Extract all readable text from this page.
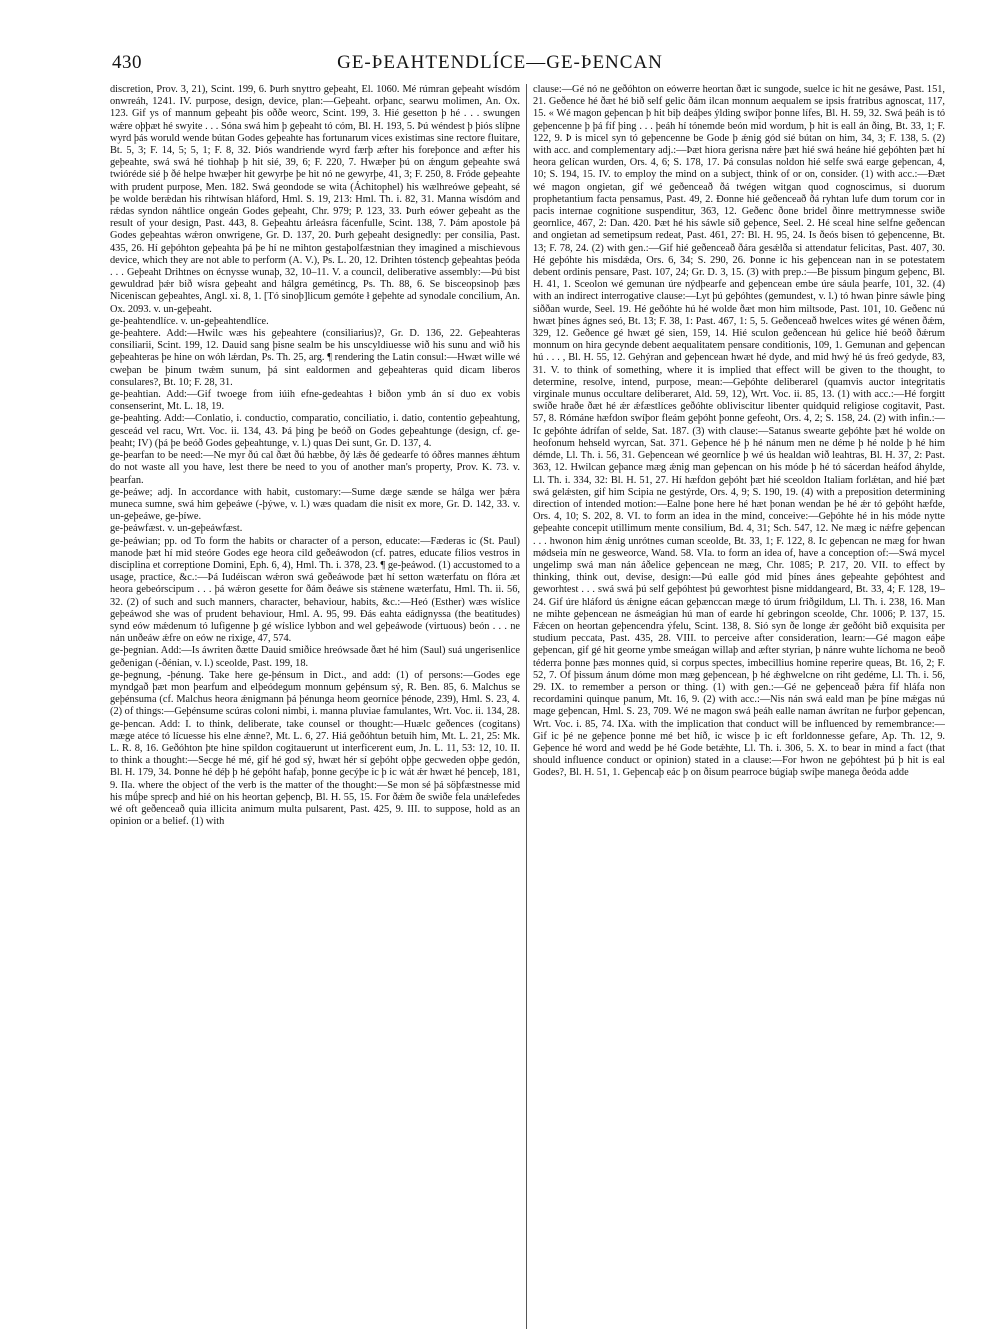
430	GE-ÞEAHTENDLÍCE—GE-ÞENCAN

discretion, Prov. 3, 21), Scint. 199, 6. Þurh snyttro geþeaht, El. 1060. Mé rúmran geþeaht wísdóm onwreáh, 1241. IV. purpose, design, device, plan:—Geþeaht. orþanc, searwu molimen, An. Ox. 123. Gif ys of mannum geþeaht þis oððe weorc, Scint. 199, 3. Hié gesetton þ hé . . . swungen wǽre oþþæt hé swyite . . . Sóna swá him þ geþeaht tó cóm, Bl. H. 193, 5. Þú wéndest þ þiós slíþne wyrd þás woruld wende bútan Godes geþeahte has fortunarum vices existimas sine rectore fluitare, Bt. 5, 3; F. 14, 5; 5, 1; F. 8, 32. Þiós wandriende wyrd færþ æfter his foreþonce and æfter his geþeahte, swá swá hé tiohhaþ þ hit sié, 39, 6; F. 220, 7. Hwæþer þú on ǽngum geþeahte swá twióréde sié þ ðé helpe hwæþer hit gewyrþe þe hit nó ne gewyrþe, 41, 3; F. 250, 8. Fróde geþeahte with prudent purpose, Men. 182. Swá geondode se wita (Áchitophel) his wælhreówe geþeaht, sé þe wolde berǽdan his rihtwísan hláford, Hml. S. 19, 213: Hml. Th. i. 82, 31. Manna wísdóm and rǽdas syndon náhtlice ongeán Godes geþeaht, Chr. 979; P. 123, 33. Þurh eówer geþeaht as the result of your design, Past. 443, 8. Geþeahtu árleásra fácenfulle, Scint. 138, 7. Þám apostole þá Godes geþeahtas wǽron onwrigene, Gr. D. 137, 20. Þurh geþeaht designedly: per consilia, Past. 435, 26. Hí geþóhton geþeahta þá þe hí ne mihton gestaþolfæstnian they imagined a mischievous device, which they are not able to perform (A. V.), Ps. L. 20, 12. Drihten tóstencþ geþeahtas þeóda . . . Geþeaht Drihtnes on écnysse wunaþ, 32, 10–11. V. a council, deliberative assembly:—Þú bist gewuldrad þǽr bið wísra geþeaht and hálgra gemétincg, Ps. Th. 88, 6. Se bisceopsinoþ þæs Niceniscan geþeahtes, Angl. xi. 8, 1. [Tó sinoþ]licum gemóte ł geþehte ad synodale concilium, An. Ox. 2093. v. un-geþeaht.

ge-þeahtendlíce. v. un-geþeahtendlíce.

ge-þeahtere. Add:—Hwilc wæs his geþeahtere (consiliarius)?, Gr. D. 136, 22. Geþeahteras consiliarii, Scint. 199, 12. Dauid sang þisne sealm be his unscyldiuesse wið his sunu and wið his geþeahteras þe hine on wóh lǽrdan, Ps. Th. 25, arg. ¶ rendering the Latin consul:—Hwæt wille wé cweþan be þinum twǽm sunum, þá sint ealdormen and geþeahteras quid dicam liberos consulares?, Bt. 10; F. 28, 31.

ge-þeahtian. Add:—Gif twoege from iúih efne-gedeahtas ł biðon ymb án sí duo ex vobis consenserint, Mt. L. 18, 19.

ge-þeahting. Add:—Conlatio, i. conductio, comparatio, conciliatio, i. datio, contentio geþeahtung, gesceád vel racu, Wrt. Voc. ii. 134, 43. Þá þing þe beóð on Godes geþeahtunge (design, cf. ge-þeaht; IV) (þá þe beóð Godes geþeahtunge, v. l.) quas Dei sunt, Gr. D. 137, 4.

ge-þearfan to be need:—Ne myr ðú cal ðæt ðú hæbbe, ðý lǽs ðé gedearfe tó óðres mannes ǽhtum do not waste all you have, lest there be need to you of another man's property, Prov. K. 73. v. þearfan.

ge-þeáwe; adj. In accordance with habit, customary:—Sume dæge sænde se hálga wer þǽra muneca sumne, swá him geþeáwe (-þýwe, v. l.) wæs quadam die nisit ex more, Gr. D. 142, 33. v. un-geþeáwe, ge-þíwe.

ge-þeáwfæst. v. un-geþeáwfæst.

ge-þeáwian; pp. od To form the habits or character of a person, educate:—Fæderas ic (St. Paul) manode þæt hí mid steóre Godes ege heora cild geðeáwodon (cf. patres, educate filios vestros in disciplina et correptione Domini, Eph. 6, 4), Hml. Th. i. 378, 23. ¶ ge-þeáwod. (1) accustomed to a usage, practice, &c.:—Þá Iudéiscan wǽron swá geðeáwode þæt hí setton wæterfatu on flóra æt heora gebeórscipum . . . þá wǽron gesette for ðám ðeáwe sis stǽnene wæterfatu, Hml. Th. ii. 56, 32. (2) of such and such manners, character, behaviour, habits, &c.:—Heó (Esther) wæs wíslice geþeáwod she was of prudent behaviour, Hml. A. 95, 99. Ðás eahta eádignyssa (the beatitudes) synd eów mǽdenum tó lufigenne þ gé wíslice lybbon and wel geþeáwode (virtuous) beón . . . ne nán unðeáw ǽfre on eów ne rixige, 47, 574.

ge-þegnian. Add:—Is áwriten ðætte Dauid smiðice hreówsade ðæt hé him (Saul) suá ungerisenlice geðenigan (-ðénian, v. l.) sceolde, Past. 199, 18.

ge-þegnung, -þénung. Take here ge-þénsum in Dict., and add: (1) of persons:—Godes ege myndgað þæt mon þearfum and elþeódegum monnum geþénsum sý, R. Ben. 85, 6. Malchus se geþénsuma (cf. Malchus heora ǽnigmann þá þénunga heom georníce þénode, 239), Hml. S. 23, 4. (2) of things:—Geþénsume scúras coloni nimbi, i. manna pluviae famulantes, Wrt. Voc. ii. 134, 28.

ge-þencan. Add: I. to think, deliberate, take counsel or thought:—Huælc geðences (cogitans) mæge atéce tó lícuesse his elne ǽnne?, Mt. L. 6, 27. Hiá geðóhtun betuih him, Mt. L. 21, 25: Mk. L. R. 8, 16. Geðóhton þte hine spildon cogitauerunt ut interficerent eum, Jn. L. 11, 53: 12, 10. II. to think a thought:—Secge hé mé, gif hé god sý, hwæt hér sí geþóht oþþe gecweden oþþe gedón, Bl. H. 179, 34. Þonne hé déþ þ hé geþóht hafaþ, þonne gecýþe ic þ ic wát ǽr hwæt hé þenceþ, 181, 9. IIa. where the object of the verb is the matter of the thought:—Se mon sé þá söþfæstnesse mid his mǘþe sprecþ and hié on his heortan geþencþ, Bl. H. 55, 15. For ðǽm ðe swiðe fela unǽlefedes wé oft geðenceað quia illicita animum multa pulsarent, Past. 425, 9. III. to suppose, hold as an opinion or a belief. (1) with

clause:—Gé nó ne geðóhton on eówerre heortan ðæt ic sungode, suelce ic hit ne gesáwe, Past. 151, 21. Geðence hé ðæt hé bið self gelic ðám ilcan monnum aequalem se ipsis fratribus agnoscat, 117, 15. « Wé magon geþencan þ hit biþ deáþes ýlding swíþor þonne lífes, Bl. H. 59, 32. Swá þeáh is tó geþencenne þ þá fíf þing . . . þeáh hí tónemde beón mid wordum, þ hit is eall án ðing, Bt. 33, 1; F. 122, 9. Þ is micel syn tó geþencenne be Gode þ ǽnig gód sié bútan on him, 34, 3; F. 138, 5. (2) with acc. and complementary adj.:—Þæt hiora gerisna nǽre þæt hié swá heáne hié geþóhten þæt hí heora gelícan wurden, Ors. 4, 6; S. 178, 17. Þá consulas noldon hié selfe swá earge geþencan, 4, 10; S. 194, 15. IV. to employ the mind on a subject, think of or on, consider. (1) with acc.:—Ðæt wé magon ongietan, gif wé geðenceað ðá twégen witgan quod cognoscimus, si duorum prophetantium facta pensamus, Past. 49, 2. Ðonne hié geðenceað ðá ryhtan lufe dum torum cor in pacis internae cognitione suspenditur, 363, 12. Geðenc ðone bridel ðinre mettrymnesse swiðe geornlice, 467, 2: Dan. 420. Þæt hé his sáwle síð geþence, Seel. 2. Hé sceal hine selfne geðencan and ongietan ad semetipsum redeat, Past. 461, 27: Bl. H. 95, 24. Is ðeós bisen tó geþencenne, Bt. 13; F. 78, 24. (2) with gen.:—Gif hié geðenceað ðára gesǽlða si attendatur felicitas, Past. 407, 30. Hé geþóhte his misdǽda, Ors. 6, 34; S. 290, 26. Þonne ic his geþencean nan in se potestatem debent ordinis pensare, Past. 107, 24; Gr. D. 3, 15. (3) with prep.:—Be þissum þingum geþenc, Bl. H. 41, 1. Sceolon wé gemunan úre nýdþearfe and geþencean embe úre sáula þearfe, 101, 32. (4) with an indirect interrogative clause:—Lyt þú geþóhtes (gemundest, v. l.) tó hwan þinre sáwle þing siððan wurde, Seel. 19. Hé geðóhte hú hé wolde ðæt mon him miltsode, Past. 101, 10. Geðenc nú hwæt þínes ágnes seó, Bt. 13; F. 38, 1: Past. 467, 1: 5, 5. Geðenceað hwelces wites gé wénen ðǽm, 329, 12. Geðence gé hwæt gé sien, 159, 14. Hié sculon geðencean hú gelice hié beóð ðǽrum monnum on hira gecynde debent aequalitatem pensare conditionis, 109, 1. Gemunan and geþencan hú . . . , Bl. H. 55, 12. Gehýran and geþencean hwæt hé dyde, and mid hwý hé ús freó gedyde, 83, 31. V. to think of something, where it is implied that effect will be given to the thought, to determine, resolve, intend, purpose, mean:—Geþóhte deliberarel (quamvis auctor integritatis virginale munus occultare deliberaret, Ald. 59, 12), Wrt. Voc. ii. 85, 13. (1) with acc.:—Hé forgitt swíðe hraðe ðæt hé ǽr ǽfæstlíces geðóhte obliviscitur libenter quidquid religiose cogitavit, Past. 57, 8. Rómáne hæfdon swíþor fleám geþóht þonne gefeoht, Ors. 4, 2; S. 158, 24. (2) with infin.:—Ic geþóhte ádrífan of selde, Sat. 187. (3) with clause:—Satanus swearte geþóhte þæt hé wolde on heofonum hehseld wyrcan, Sat. 371. Geþence hé þ hé nánum men ne déme þ hé nolde þ hé him démde, Ll. Th. i. 56, 31. Geþencean wé geornlíce þ wé ús healdan wið leahtras, Bl. H. 37, 2: Past. 363, 12. Hwilcan geþance mæg ǽnig man geþencan on his móde þ hé tó sácerdan heáfod áhylde, Ll. Th. i. 334, 32: Bl. H. 51, 27. Hí hæfdon geþóht þæt hié sceoldon Italiam forlǽtan, and hié þæt swá gelǽsten, gif him Scipia ne gestýrde, Ors. 4, 9; S. 190, 19. (4) with a preposition determining direction of intended motion:—Ealne þone here hé hæt þonan wendan þe hé ǽr tó geþóht hæfde, Ors. 4, 10; S. 202, 8. VI. to form an idea in the mind, conceive:—Geþóhte hé in his móde nytte geþeahte concepit utillimum mente consilium, Bd. 4, 31; Sch. 547, 12. Ne mæg ic nǽfre geþencan . . . hwonon him ǽnig unrótnes cuman sceolde, Bt. 33, 1; F. 122, 8. Ic geþencan ne mæg for hwan mǿdseia mín ne gesweorce, Wand. 58. VIa. to form an idea of, have a conception of:—Swá mycel ungelimp swá man nán áðelice geþencean ne mæg, Chr. 1085; P. 217, 20. VII. to effect by thinking, think out, devise, design:—Þú ealle gód mid þínes ánes geþeahte geþóhtest and geworhtest . . . swá swá þú self geþóhtest þú geworhtest þisne middangeard, Bt. 33, 4; F. 128, 19–24. Gif úre hláford ús ǽnigne eácan geþænccan mæge tó úrum friðgildum, Ll. Th. i. 238, 16. Man ne mihte geþencean ne ásmeágian hú man of earde hí gebringon sceolde, Chr. 1006; P. 137, 15. Fǽcen on heortan geþencendra ýfelu, Scint. 138, 8. Sió syn ðe longe ǽr geðóht bið exquisita per studium peccata, Past. 435, 28. VIII. to perceive after consideration, learn:—Gé magon eáþe geþencan, gif gé hit georne ymbe smeágan willaþ and æfter styrian, þ nánre wuhte líchoma ne beoð téderra þonne þæs monnes quid, si corpus spectes, imbecillius homine reperire queas, Bt. 16, 2; F. 52, 7. Of þissum ánum dóme mon mæg geþencean, þ hé ǽghwelcne on riht gedéme, Ll. Th. i. 56, 29. IX. to remember a person or thing. (1) with gen.:—Gé ne geþenceað þǽra fíf hláfa non recordamini quinque panum, Mt. 16, 9. (2) with acc.:—Nis nán swá eald man þe þíne mǽgas nú mage geþencan, Hml. S. 23, 709. Wé ne magon swá þeáh ealle naman áwrítan ne furþor geþencan, Wrt. Voc. i. 85, 74. IXa. with the implication that conduct will be influenced by remembrance:—Gif ic þé ne geþence þonne mé bet híð, ic wisce þ ic eft forldonnesse gefare, Ap. Th. 12, 9. Geþence hé word and wedd þe hé Gode betǽhte, Ll. Th. i. 306, 5. X. to bear in mind a fact (that should influence conduct or opinion) stated in a clause:—For hwon ne geþóhtest þú þ hit is eal Godes?, Bl. H. 51, 1. Geþencaþ eác þ on ðisum pearroce búgiaþ swíþe manega ðeóda adde
